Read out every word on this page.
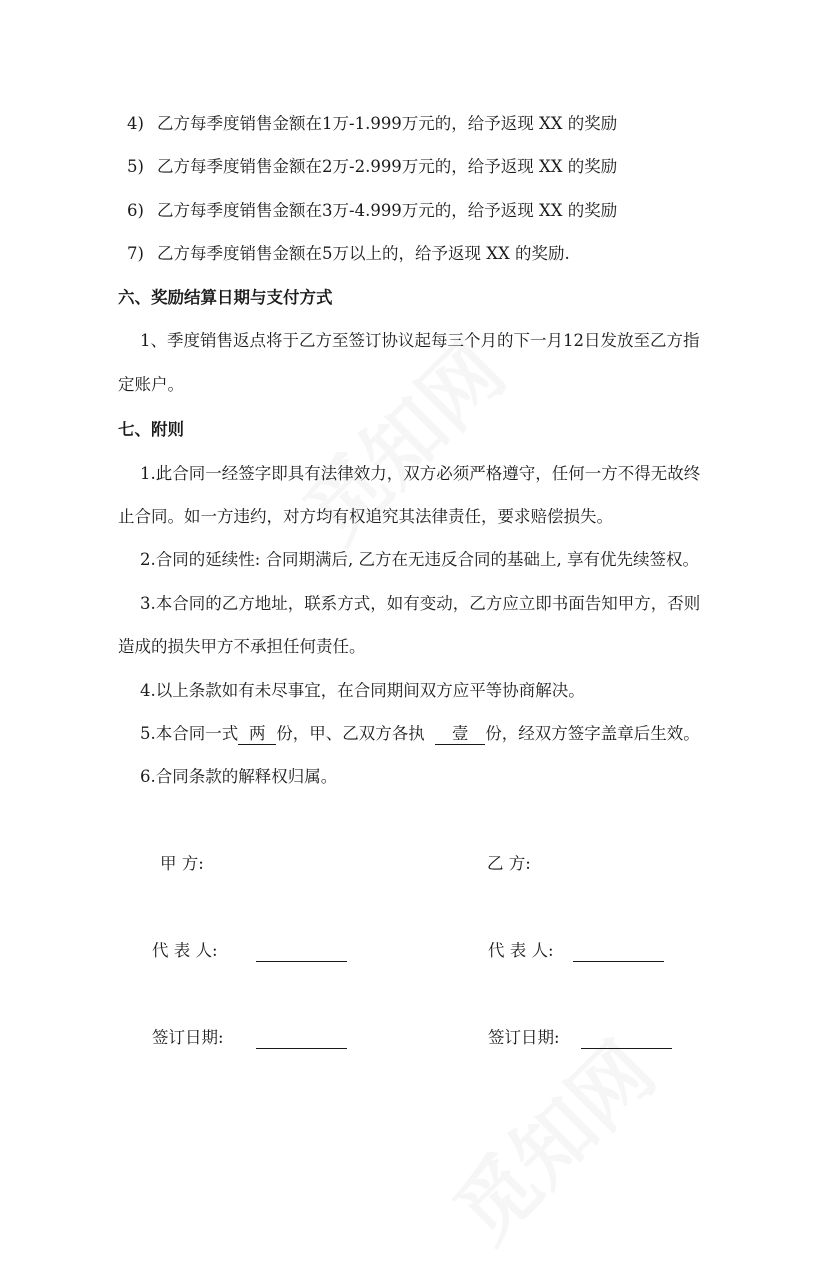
4) 乙方每季度销售金额在1万-1.999万元的，给予返现 XX 的奖励
5) 乙方每季度销售金额在2万-2.999万元的，给予返现 XX 的奖励
6) 乙方每季度销售金额在3万-4.999万元的，给予返现 XX 的奖励
7) 乙方每季度销售金额在5万以上的，给予返现 XX 的奖励.
六、奖励结算日期与支付方式
1、季度销售返点将于乙方至签订协议起每三个月的下一月12日发放至乙方指
定账户。
七、附则
1.此合同一经签字即具有法律效力，双方必须严格遵守，任何一方不得无故终
止合同。如一方违约，对方均有权追究其法律责任，要求赔偿损失。
2.合同的延续性: 合同期满后, 乙方在无违反合同的基础上, 享有优先续签权。
3.本合同的乙方地址，联系方式，如有变动，乙方应立即书面告知甲方，否则
造成的损失甲方不承担任何责任。
4.以上条款如有未尽事宜，在合同期间双方应平等协商解决。
5.本合同一式 两 份，甲、乙双方各执 壹 份，经双方签字盖章后生效。
6.合同条款的解释权归属。
甲 方:	乙 方:
代 表 人:	代 表 人:
签订日期:	签订日期:
